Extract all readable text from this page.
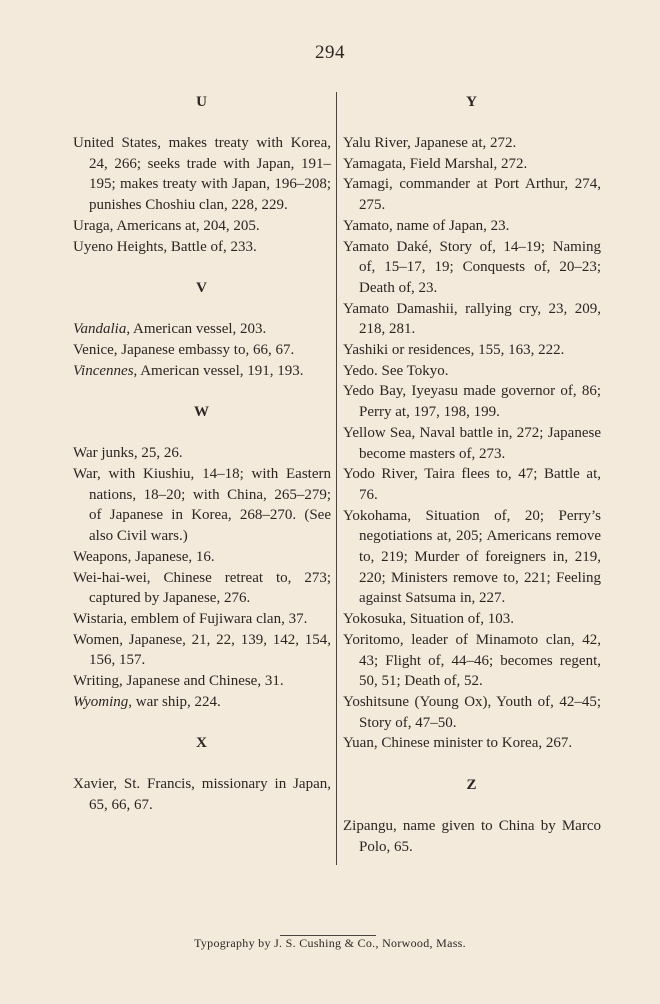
294
U
United States, makes treaty with Korea, 24, 266; seeks trade with Japan, 191–195; makes treaty with Japan, 196–208; punishes Choshiu clan, 228, 229.
Uraga, Americans at, 204, 205.
Uyeno Heights, Battle of, 233.
V
Vandalia, American vessel, 203.
Venice, Japanese embassy to, 66, 67.
Vincennes, American vessel, 191, 193.
W
War junks, 25, 26.
War, with Kiushiu, 14–18; with Eastern nations, 18–20; with China, 265–279; of Japanese in Korea, 268–270. (See also Civil wars.)
Weapons, Japanese, 16.
Wei-hai-wei, Chinese retreat to, 273; captured by Japanese, 276.
Wistaria, emblem of Fujiwara clan, 37.
Women, Japanese, 21, 22, 139, 142, 154, 156, 157.
Writing, Japanese and Chinese, 31.
Wyoming, war ship, 224.
X
Xavier, St. Francis, missionary in Japan, 65, 66, 67.
Y
Yalu River, Japanese at, 272.
Yamagata, Field Marshal, 272.
Yamagi, commander at Port Arthur, 274, 275.
Yamato, name of Japan, 23.
Yamato Daké, Story of, 14–19; Naming of, 15–17, 19; Conquests of, 20–23; Death of, 23.
Yamato Damashii, rallying cry, 23, 209, 218, 281.
Yashiki or residences, 155, 163, 222.
Yedo. See Tokyo.
Yedo Bay, Iyeyasu made governor of, 86; Perry at, 197, 198, 199.
Yellow Sea, Naval battle in, 272; Japanese become masters of, 273.
Yodo River, Taira flees to, 47; Battle at, 76.
Yokohama, Situation of, 20; Perry’s negotiations at, 205; Americans remove to, 219; Murder of foreigners in, 219, 220; Ministers remove to, 221; Feeling against Satsuma in, 227.
Yokosuka, Situation of, 103.
Yoritomo, leader of Minamoto clan, 42, 43; Flight of, 44–46; becomes regent, 50, 51; Death of, 52.
Yoshitsune (Young Ox), Youth of, 42–45; Story of, 47–50.
Yuan, Chinese minister to Korea, 267.
Z
Zipangu, name given to China by Marco Polo, 65.
Typography by J. S. Cushing & Co., Norwood, Mass.
